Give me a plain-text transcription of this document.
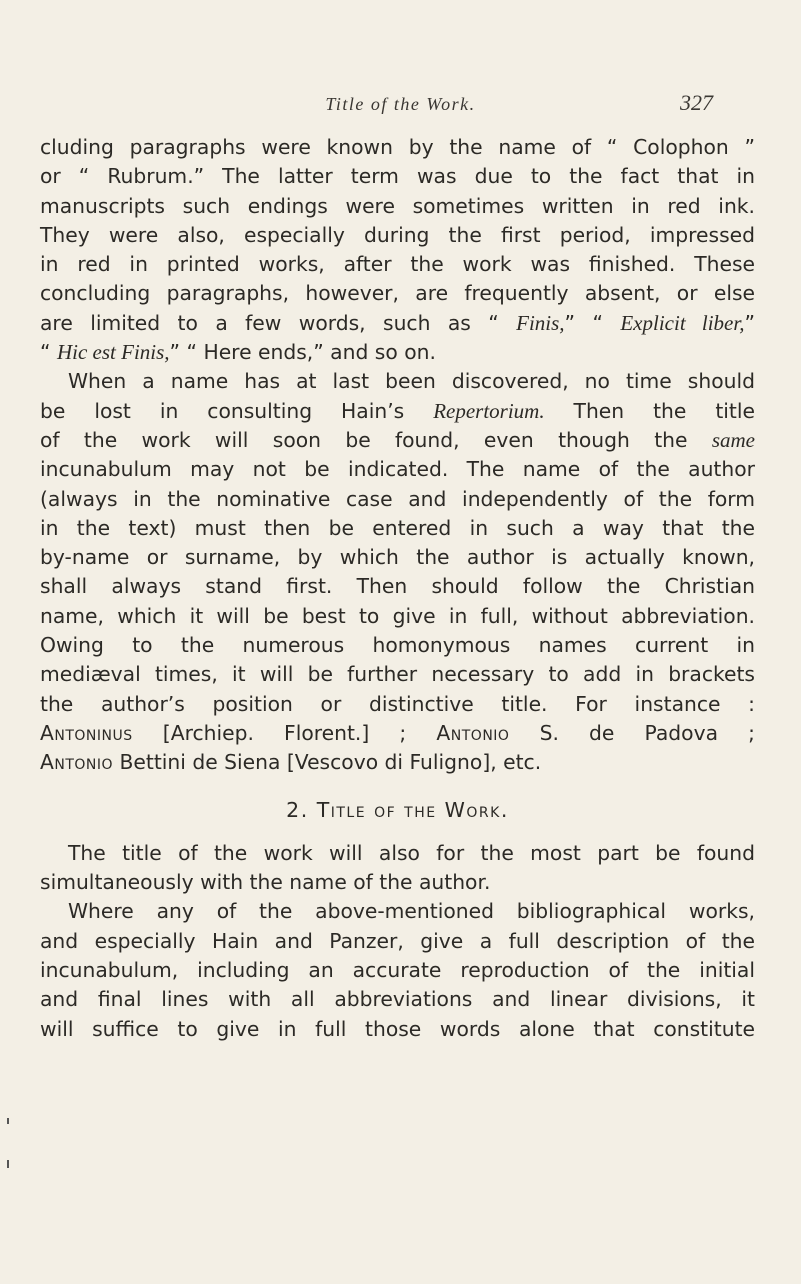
Title of the Work.	327
cluding paragraphs were known by the name of “ Colophon ”
or “ Rubrum.” The latter term was due to the fact that in
manuscripts such endings were sometimes written in red ink.
They were also, especially during the first period, impressed
in red in printed works, after the work was finished. These
concluding paragraphs, however, are frequently absent, or else
are limited to a few words, such as “ Finis,” “ Explicit liber,”
“ Hic est Finis,” “ Here ends,” and so on.
When a name has at last been discovered, no time should
be lost in consulting Hain’s Repertorium. Then the title
of the work will soon be found, even though the same
incunabulum may not be indicated. The name of the author
(always in the nominative case and independently of the form
in the text) must then be entered in such a way that the
by-name or surname, by which the author is actually known,
shall always stand first. Then should follow the Christian
name, which it will be best to give in full, without abbreviation.
Owing to the numerous homonymous names current in
mediæval times, it will be further necessary to add in brackets
the author’s position or distinctive title. For instance :
Antoninus [Archiep. Florent.] ; Antonio S. de Padova ;
Antonio Bettini de Siena [Vescovo di Fuligno], etc.
2. Title of the Work.
The title of the work will also for the most part be found
simultaneously with the name of the author.
Where any of the above-mentioned bibliographical works,
and especially Hain and Panzer, give a full description of the
incunabulum, including an accurate reproduction of the initial
and final lines with all abbreviations and linear divisions, it
will suffice to give in full those words alone that constitute
